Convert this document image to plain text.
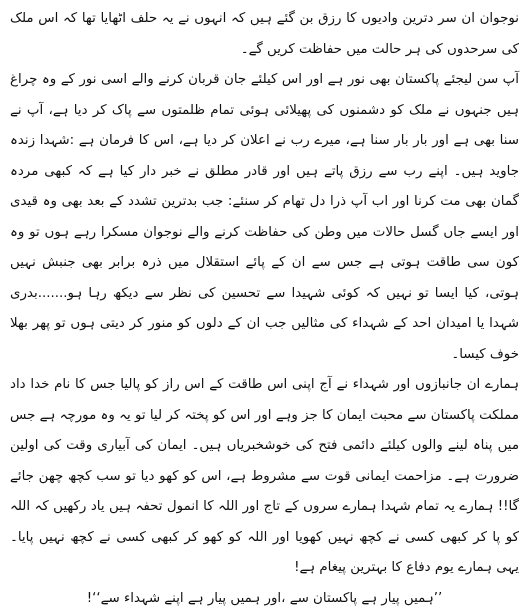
نوجوان ان سر دترین وادیوں کا رزق بن گئے ہیں کہ انہوں نے یہ حلف اٹھایا تھا کہ اس ملک کی سرحدوں کی ہر حالت میں حفاظت کریں گے۔

آپ سن لیجئے پاکستان بھی نور ہے اور اس کیلئے جان قربان کرنے والے اسی نور کے وہ چراغ ہیں جنہوں نے ملک کو دشمنوں کی پھیلائی ہوئی تمام ظلمتوں سے پاک کر دیا ہے، آپ نے سنا بھی ہے اور بار بار سنا ہے، میرے رب نے اعلان کر دیا ہے، اس کا فرمان ہے :شہدا زندہ جاوید ہیں۔ اپنے رب سے رزق پاتے ہیں اور قادر مطلق نے خبر دار کیا ہے کہ کبھی مردہ گمان بھی مت کرنا اور اب آپ ذرا دل تھام کر سنئے: جب بدترین تشدد کے بعد بھی وہ قیدی اور ایسے جاں گسل حالات میں وطن کی حفاظت کرنے والے نوجوان مسکرا رہے ہوں تو وہ کون سی طاقت ہوتی ہے جس سے ان کے پائے استقلال میں ذرہ برابر بھی جنبش نہیں ہوتی، کیا ایسا تو نہیں کہ کوئی شہیدا سے تحسین کی نظر سے دیکھ رہا ہو.......بدری شہدا یا امیدان احد کے شہداء کی مثالیں جب ان کے دلوں کو منور کر دیتی ہوں تو پھر بھلا خوف کیسا۔

ہمارے ان جانبازوں اور شہداء نے آج اپنی اس طاقت کے اس راز کو پالیا جس کا نام خدا داد مملکت پاکستان سے محبت ایمان کا جز وہے اور اس کو پختہ کر لیا تو یہ وہ مورچہ ہے جس میں پناہ لینے والوں کیلئے دائمی فتح کی خوشخبریاں ہیں۔ ایمان کی آبیاری وقت کی اولین ضرورت ہے۔ مزاحمت ایمانی قوت سے مشروط ہے، اس کو کھو دیا تو سب کچھ چھن جائے گا!! ہمارے یہ تمام شہدا ہمارے سروں کے تاج اور اللہ کا انمول تحفہ ہیں یاد رکھیں کہ اللہ کو پا کر کبھی کسی نے کچھ نہیں کھویا اور اللہ کو کھو کر کبھی کسی نے کچھ نہیں پایا۔ یہی ہمارے یوم دفاع کا بہترین پیغام ہے!

’’ہمیں پیار ہے پاکستان سے ،اور ہمیں پیار ہے اپنے شہداء سے‘‘!
